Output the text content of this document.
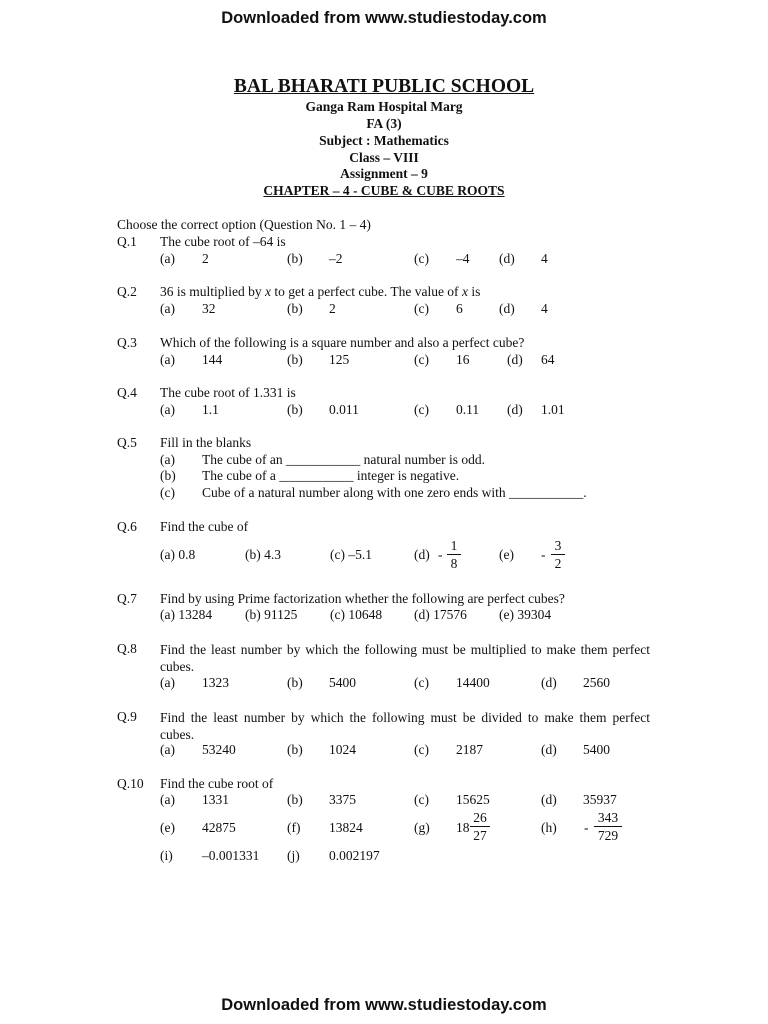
Downloaded from www.studiestoday.com
BAL BHARATI PUBLIC SCHOOL
Ganga Ram Hospital Marg
FA (3)
Subject : Mathematics
Class – VIII
Assignment – 9
CHAPTER – 4 - CUBE & CUBE ROOTS
Choose the correct option (Question No. 1 – 4)
Q.1 The cube root of –64 is
(a) 2	(b) –2	(c) –4 (d) 4
Q.2 36 is multiplied by x to get a perfect cube. The value of x is
(a) 32	(b) 2	(c) 6	(d) 4
Q.3 Which of the following is a square number and also a perfect cube?
(a) 144	(b) 125	(c) 16	(d) 64
Q.4 The cube root of 1.331 is
(a) 1.1	(b) 0.011	(c) 0.11 (d) 1.01
Q.5 Fill in the blanks
(a) The cube of an ___________ natural number is odd.
(b) The cube of a ___________ integer is negative.
(c) Cube of a natural number along with one zero ends with ___________.
Q.6 Find the cube of
(a) 0.8	(b) 4.3	(c) –5.1	$(d) - \frac{1}{8}$	$(e) - \frac{3}{2}$
Q.7 Find by using Prime factorization whether the following are perfect cubes?
(a) 13284 (b) 91125 (c) 10648 (d) 17576 (e) 39304
Q.8 Find the least number by which the following must be multiplied to make them perfect cubes.
(a) 1323	(b) 5400	(c) 14400	(d) 2560
Q.9 Find the least number by which the following must be divided to make them perfect cubes.
(a) 53240	(b) 1024	(c) 2187	(d) 5400
Q.10 Find the cube root of
(a) 1331	(b) 3375	(c) 15625	(d) 35937
(e) 42875	(f) 13824	(g) $18 \frac{26}{27}$	$(h) - \frac{343}{729}$
(i) –0.001331 (j) 0.002197
Downloaded from www.studiestoday.com
